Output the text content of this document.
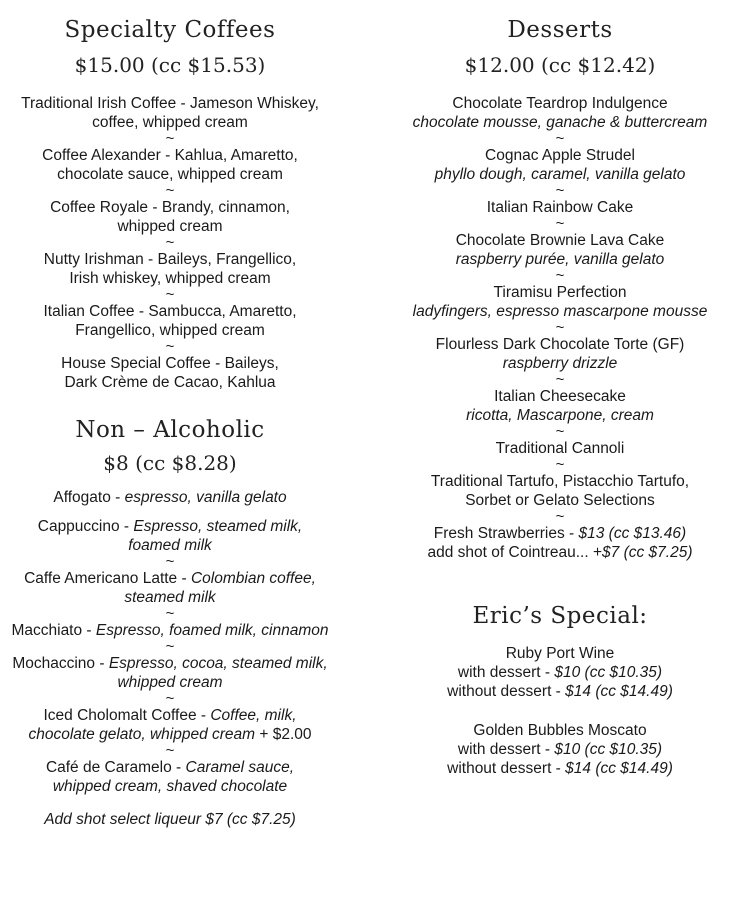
Specialty Coffees
$15.00 (cc $15.53)
Traditional Irish Coffee - Jameson Whiskey,
coffee, whipped cream
~
Coffee Alexander - Kahlua, Amaretto,
chocolate sauce, whipped cream
~
Coffee Royale - Brandy, cinnamon,
whipped cream
~
Nutty Irishman - Baileys, Frangellico,
Irish whiskey, whipped cream
~
Italian Coffee - Sambucca, Amaretto,
Frangellico, whipped cream
~
House Special Coffee - Baileys,
Dark Crème de Cacao, Kahlua
Non – Alcoholic
$8 (cc $8.28)
Affogato - espresso, vanilla gelato
Cappuccino - Espresso, steamed milk,
foamed milk
~
Caffe Americano Latte - Colombian coffee,
steamed milk
~
Macchiato - Espresso, foamed milk, cinnamon
~
Mochaccino - Espresso, cocoa, steamed milk,
whipped cream
~
Iced Cholomalt Coffee - Coffee, milk,
chocolate gelato, whipped cream + $2.00
~
Café de Caramelo - Caramel sauce,
whipped cream, shaved chocolate
Add shot select liqueur $7 (cc $7.25)
Desserts
$12.00 (cc $12.42)
Chocolate Teardrop Indulgence
chocolate mousse, ganache & buttercream
~
Cognac Apple Strudel
phyllo dough, caramel, vanilla gelato
~
Italian Rainbow Cake
~
Chocolate Brownie Lava Cake
raspberry purée, vanilla gelato
~
Tiramisu Perfection
ladyfingers, espresso mascarpone mousse
~
Flourless Dark Chocolate Torte (GF)
raspberry drizzle
~
Italian Cheesecake
ricotta, Mascarpone, cream
~
Traditional Cannoli
~
Traditional Tartufo, Pistacchio Tartufo,
Sorbet or Gelato Selections
~
Fresh Strawberries - $13 (cc $13.46)
add shot of Cointreau... +$7 (cc $7.25)
Eric’s Special:
Ruby Port Wine
with dessert - $10 (cc $10.35)
without dessert - $14 (cc $14.49)
Golden Bubbles Moscato
with dessert - $10 (cc $10.35)
without dessert - $14 (cc $14.49)
